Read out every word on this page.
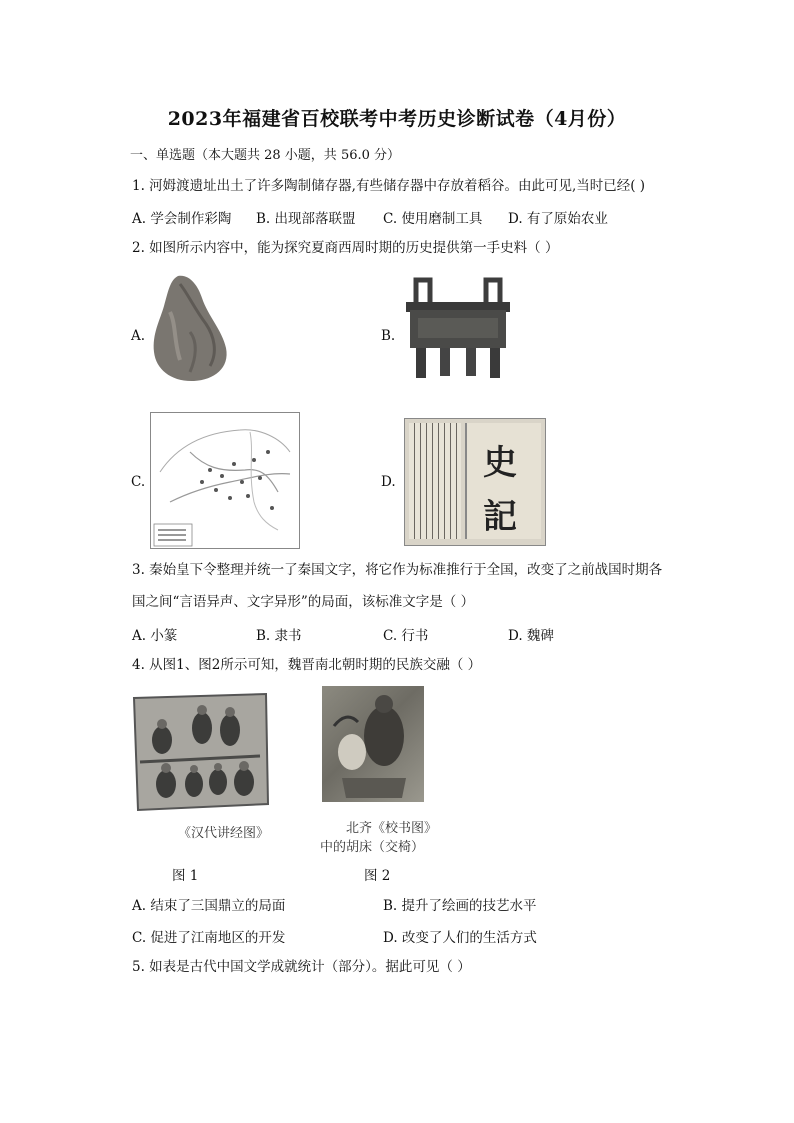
2023年福建省百校联考中考历史诊断试卷（4月份）
一、单选题（本大题共 28 小题，共 56.0 分）
1. 河姆渡遗址出土了许多陶制储存器,有些储存器中存放着稻谷。由此可见,当时已经( )
A. 学会制作彩陶 B. 出现部落联盟 C. 使用磨制工具 D. 有了原始农业
2. 如图所示内容中，能为探究夏商西周时期的历史提供第一手史料（ ）
A.	B.
C.	D.	史
記
3. 秦始皇下令整理并统一了秦国文字，将它作为标准推行于全国，改变了之前战国时期各
国之间“言语异声、文字异形”的局面，该标准文字是（ ）
A. 小篆	B. 隶书	C. 行书	D. 魏碑
4. 从图1、图2所示可知，魏晋南北朝时期的民族交融（ ）
《汉代讲经图》	北齐《校书图》
中的胡床（交椅）
图 1	图 2
A. 结束了三国鼎立的局面	B. 提升了绘画的技艺水平
C. 促进了江南地区的开发	D. 改变了人们的生活方式
5. 如表是古代中国文学成就统计（部分）。据此可见（ ）
